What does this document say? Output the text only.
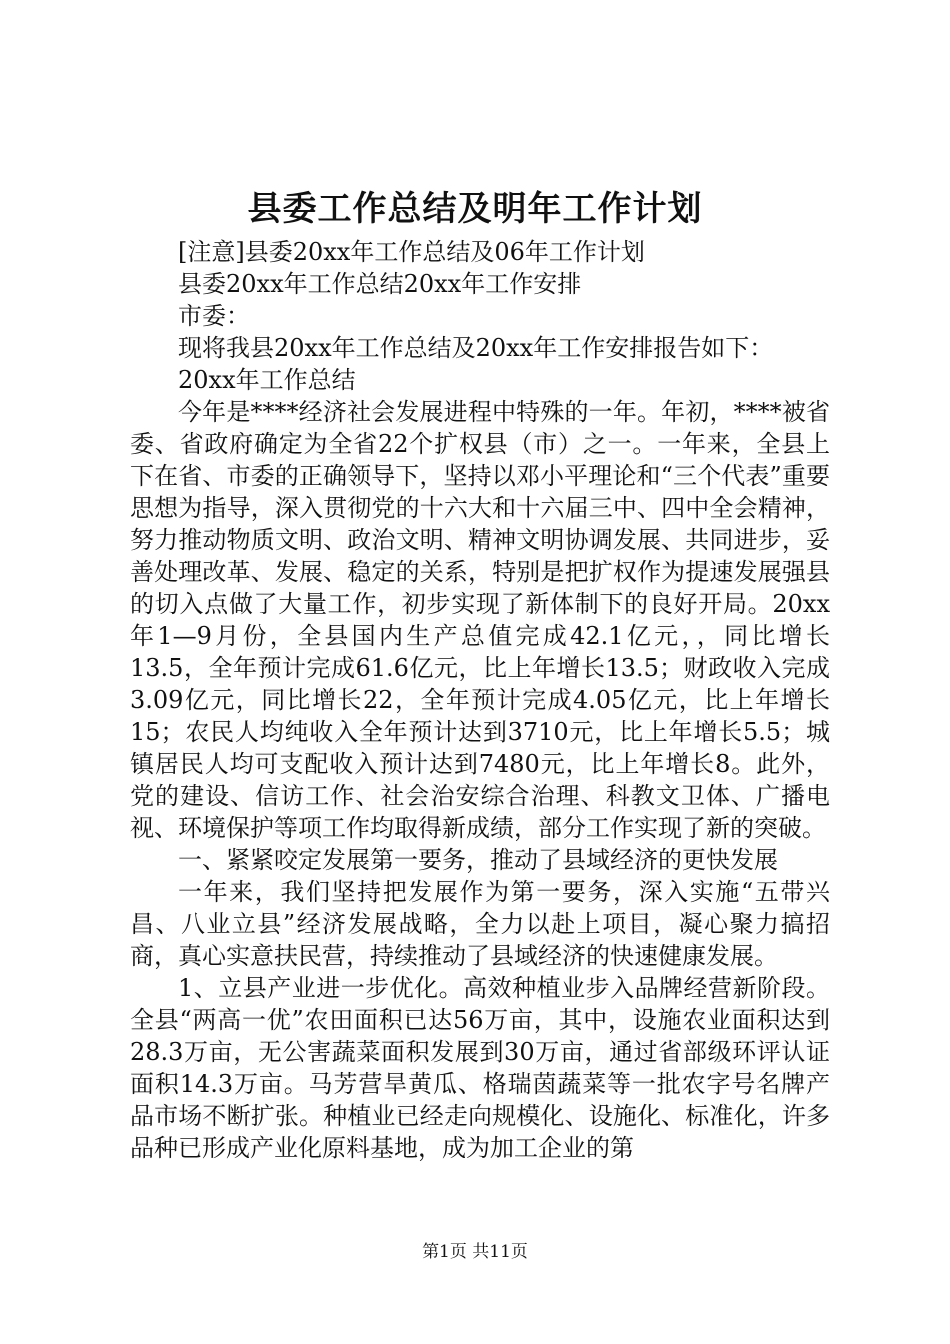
县委工作总结及明年工作计划

[注意]县委20xx年工作总结及06年工作计划

县委20xx年工作总结20xx年工作安排

市委：

现将我县20xx年工作总结及20xx年工作安排报告如下：

20xx年工作总结

今年是****经济社会发展进程中特殊的一年。年初，****被省委、省政府确定为全省22个扩权县（市）之一。一年来，全县上下在省、市委的正确领导下，坚持以邓小平理论和“三个代表”重要思想为指导，深入贯彻党的十六大和十六届三中、四中全会精神，努力推动物质文明、政治文明、精神文明协调发展、共同进步，妥善处理改革、发展、稳定的关系，特别是把扩权作为提速发展强县的切入点做了大量工作，初步实现了新体制下的良好开局。20xx年1—9月份，全县国内生产总值完成42.1亿元，，同比增长13.5，全年预计完成61.6亿元，比上年增长13.5；财政收入完成3.09亿元，同比增长22，全年预计完成4.05亿元，比上年增长15；农民人均纯收入全年预计达到3710元，比上年增长5.5；城镇居民人均可支配收入预计达到7480元，比上年增长8。此外，党的建设、信访工作、社会治安综合治理、科教文卫体、广播电视、环境保护等项工作均取得新成绩，部分工作实现了新的突破。

一、紧紧咬定发展第一要务，推动了县域经济的更快发展

一年来，我们坚持把发展作为第一要务，深入实施“五带兴昌、八业立县”经济发展战略，全力以赴上项目，凝心聚力搞招商，真心实意扶民营，持续推动了县域经济的快速健康发展。

1、立县产业进一步优化。高效种植业步入品牌经营新阶段。全县“两高一优”农田面积已达56万亩，其中，设施农业面积达到28.3万亩，无公害蔬菜面积发展到30万亩，通过省部级环评认证面积14.3万亩。马芳营旱黄瓜、格瑞茵蔬菜等一批农字号名牌产品市场不断扩张。种植业已经走向规模化、设施化、标准化，许多品种已形成产业化原料基地，成为加工企业的第

第1页 共11页
